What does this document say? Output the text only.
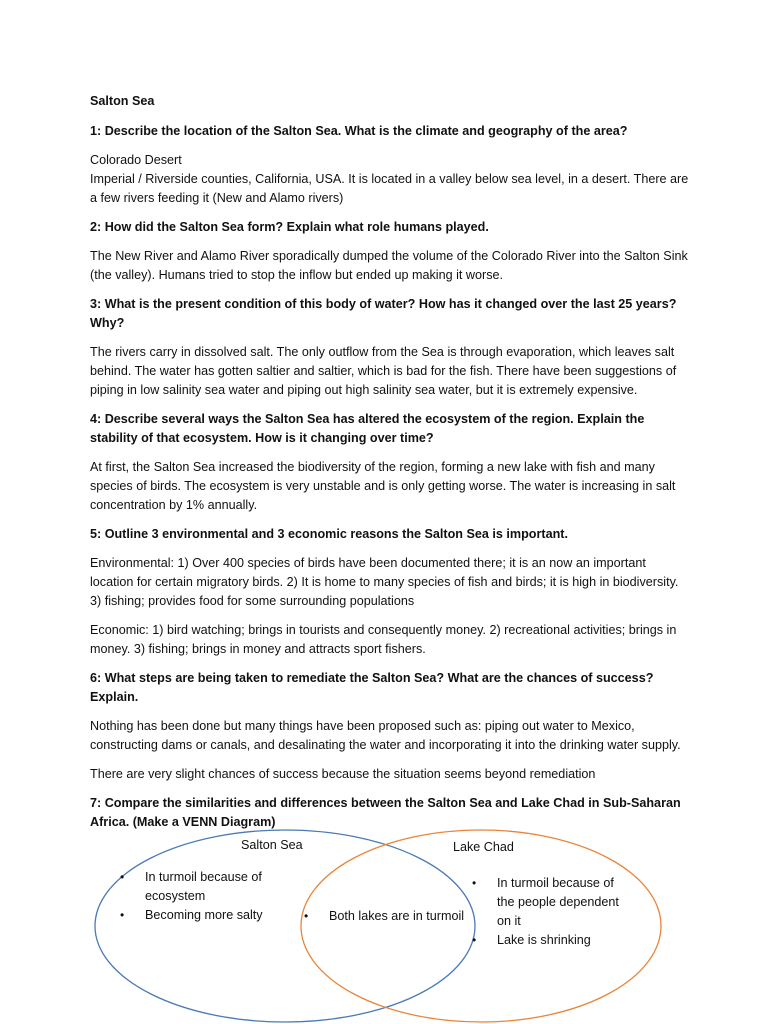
Salton Sea

1: Describe the location of the Salton Sea. What is the climate and geography of the area?

Colorado Desert
Imperial / Riverside counties, California, USA. It is located in a valley below sea level, in a desert. There are a few rivers feeding it (New and Alamo rivers)

2: How did the Salton Sea form? Explain what role humans played.

The New River and Alamo River sporadically dumped the volume of the Colorado River into the Salton Sink (the valley). Humans tried to stop the inflow but ended up making it worse.

3: What is the present condition of this body of water? How has it changed over the last 25 years? Why?

The rivers carry in dissolved salt. The only outflow from the Sea is through evaporation, which leaves salt behind. The water has gotten saltier and saltier, which is bad for the fish. There have been suggestions of piping in low salinity sea water and piping out high salinity sea water, but it is extremely expensive.

4: Describe several ways the Salton Sea has altered the ecosystem of the region. Explain the stability of that ecosystem. How is it changing over time?

At first, the Salton Sea increased the biodiversity of the region, forming a new lake with fish and many species of birds. The ecosystem is very unstable and is only getting worse. The water is increasing in salt concentration by 1% annually.

5: Outline 3 environmental and 3 economic reasons the Salton Sea is important.

Environmental: 1) Over 400 species of birds have been documented there; it is an now an important location for certain migratory birds. 2) It is home to many species of fish and birds; it is high in biodiversity. 3) fishing; provides food for some surrounding populations

Economic: 1) bird watching; brings in tourists and consequently money. 2) recreational activities; brings in money. 3) fishing; brings in money and attracts sport fishers.

6: What steps are being taken to remediate the Salton Sea? What are the chances of success? Explain.

Nothing has been done but many things have been proposed such as: piping out water to Mexico, constructing dams or canals, and desalinating the water and incorporating it into the drinking water supply.

There are very slight chances of success because the situation seems beyond remediation

7: Compare the similarities and differences between the Salton Sea and Lake Chad in Sub-Saharan Africa. (Make a VENN Diagram)

Salton Sea	Lake Chad
• In turmoil because of ecosystem
• Becoming more salty	• Both lakes are in turmoil
• In turmoil because of the people dependent on it
• Lake is shrinking
